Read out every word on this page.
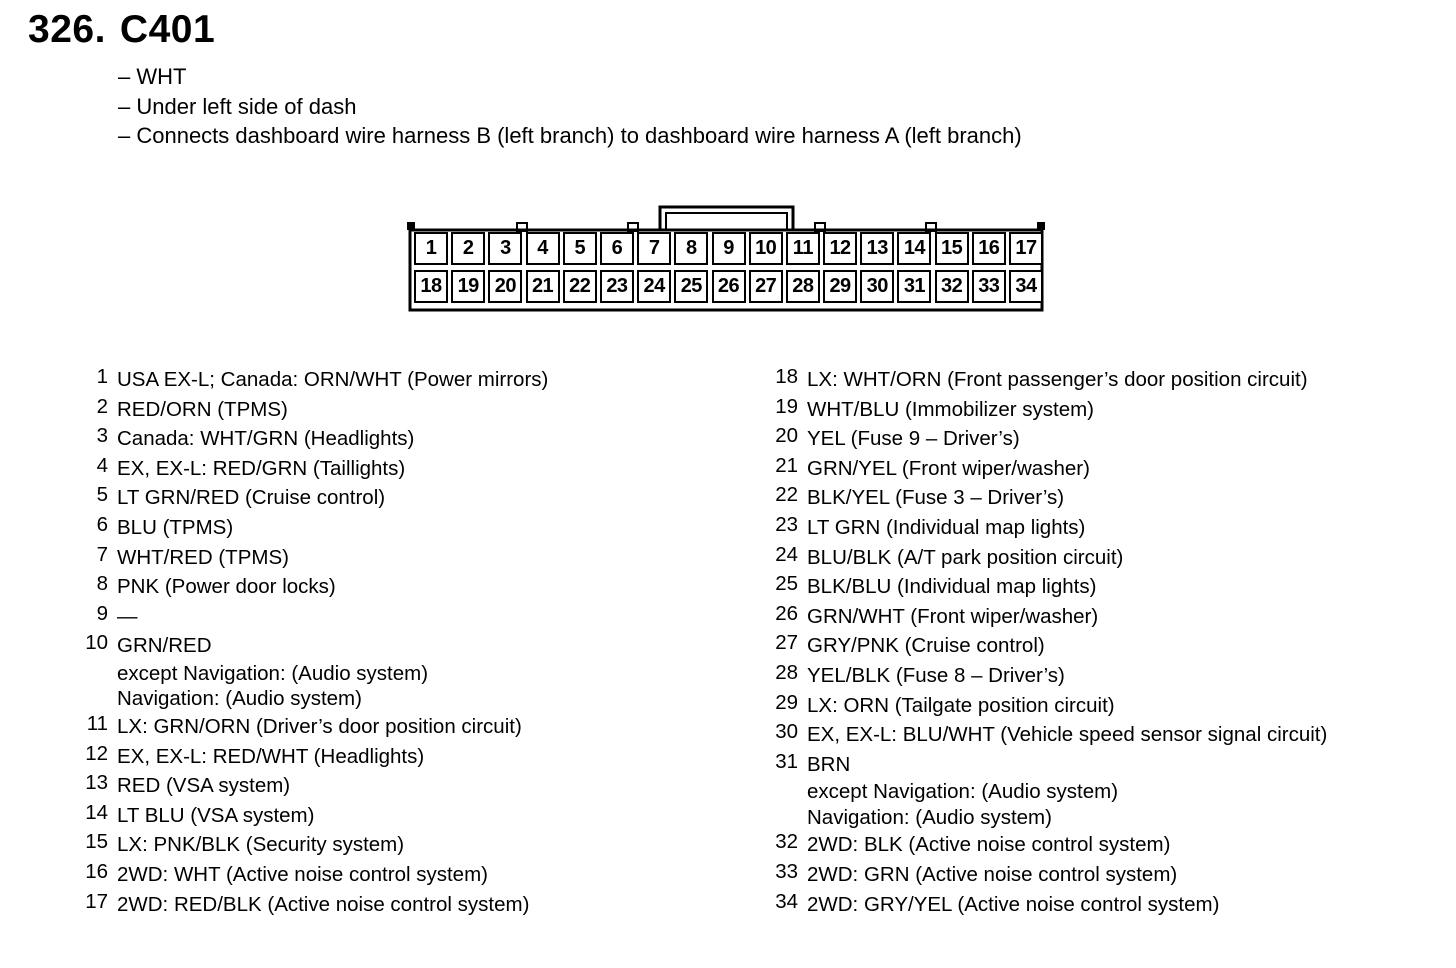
326. C401
– WHT
– Under left side of dash
– Connects dashboard wire harness B (left branch) to dashboard wire harness A (left branch)
1	2	3	4	5	6	7	8	9	10 11 12 13 14 15 16 17
18 19 20 21 22 23 24 25 26 27 28 29 30 31 32 33 34
1 USA EX-L; Canada: ORN/WHT (Power mirrors)
2 RED/ORN (TPMS)
3 Canada: WHT/GRN (Headlights)
4 EX, EX-L: RED/GRN (Taillights)
5 LT GRN/RED (Cruise control)
6 BLU (TPMS)
7 WHT/RED (TPMS)
8 PNK (Power door locks)
9 —
10 GRN/RED
except Navigation: (Audio system)
Navigation: (Audio system)
11 LX: GRN/ORN (Driver’s door position circuit)
12 EX, EX-L: RED/WHT (Headlights)
13 RED (VSA system)
14 LT BLU (VSA system)
15 LX: PNK/BLK (Security system)
16 2WD: WHT (Active noise control system)
17 2WD: RED/BLK (Active noise control system)
18 LX: WHT/ORN (Front passenger’s door position circuit)
19 WHT/BLU (Immobilizer system)
20 YEL (Fuse 9 – Driver’s)
21 GRN/YEL (Front wiper/washer)
22 BLK/YEL (Fuse 3 – Driver’s)
23 LT GRN (Individual map lights)
24 BLU/BLK (A/T park position circuit)
25 BLK/BLU (Individual map lights)
26 GRN/WHT (Front wiper/washer)
27 GRY/PNK (Cruise control)
28 YEL/BLK (Fuse 8 – Driver’s)
29 LX: ORN (Tailgate position circuit)
30 EX, EX-L: BLU/WHT (Vehicle speed sensor signal circuit)
31 BRN
except Navigation: (Audio system)
Navigation: (Audio system)
32 2WD: BLK (Active noise control system)
33 2WD: GRN (Active noise control system)
34 2WD: GRY/YEL (Active noise control system)
